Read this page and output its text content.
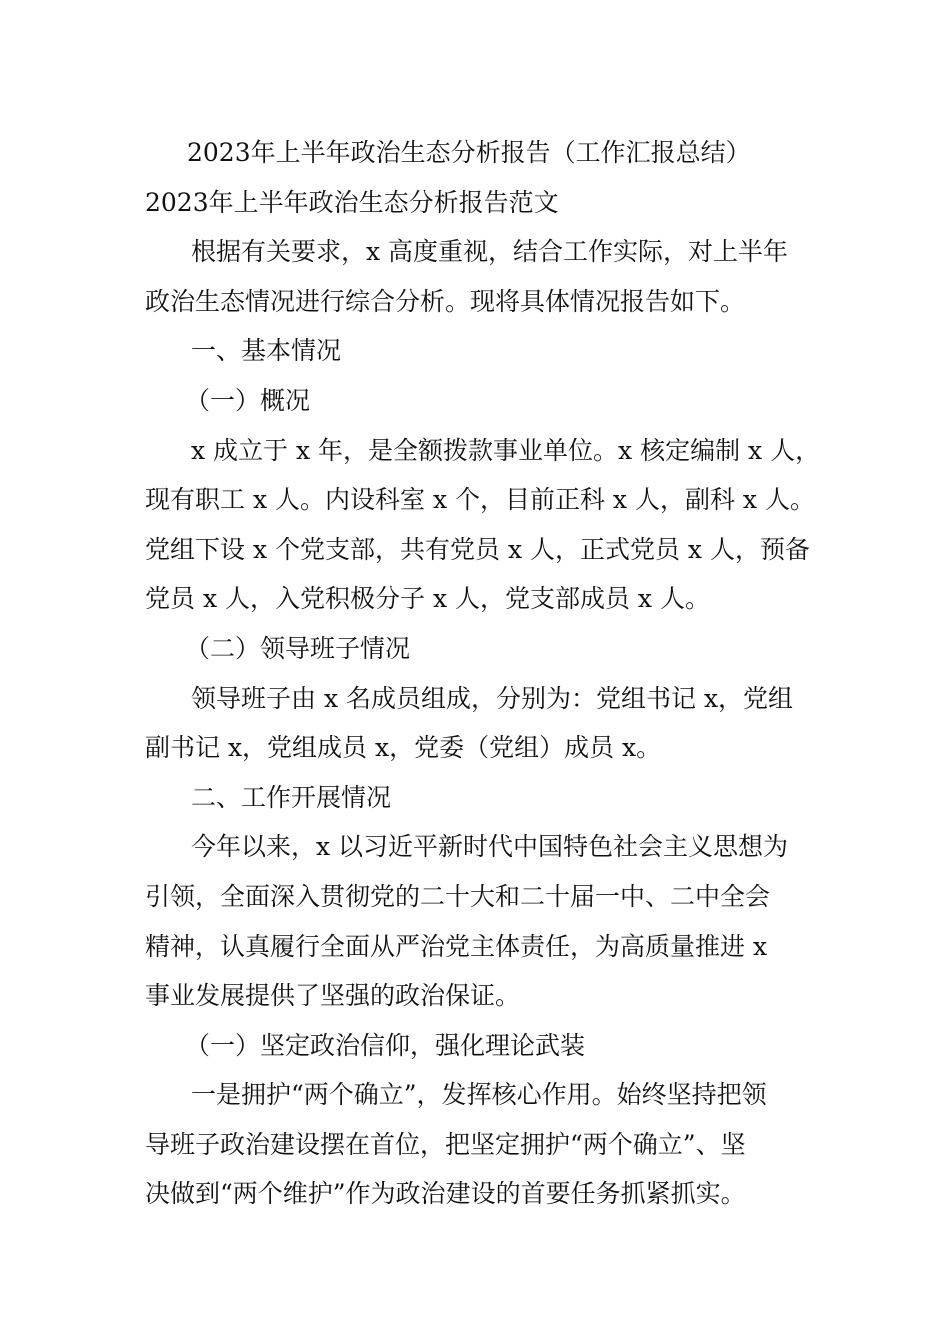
2023年上半年政治生态分析报告（工作汇报总结）
2023年上半年政治生态分析报告范文
根据有关要求，x 高度重视，结合工作实际，对上半年
政治生态情况进行综合分析。现将具体情况报告如下。
一、基本情况
（一）概况
x 成立于 x 年，是全额拨款事业单位。x 核定编制 x 人，
现有职工 x 人。内设科室 x 个，目前正科 x 人，副科 x 人。
党组下设 x 个党支部，共有党员 x 人，正式党员 x 人，预备
党员 x 人，入党积极分子 x 人，党支部成员 x 人。
（二）领导班子情况
领导班子由 x 名成员组成，分别为：党组书记 x，党组
副书记 x，党组成员 x，党委（党组）成员 x。
二、工作开展情况
今年以来，x 以习近平新时代中国特色社会主义思想为
引领，全面深入贯彻党的二十大和二十届一中、二中全会
精神，认真履行全面从严治党主体责任，为高质量推进 x
事业发展提供了坚强的政治保证。
（一）坚定政治信仰，强化理论武装
一是拥护“两个确立”，发挥核心作用。始终坚持把领
导班子政治建设摆在首位，把坚定拥护“两个确立”、坚
决做到“两个维护”作为政治建设的首要任务抓紧抓实。
